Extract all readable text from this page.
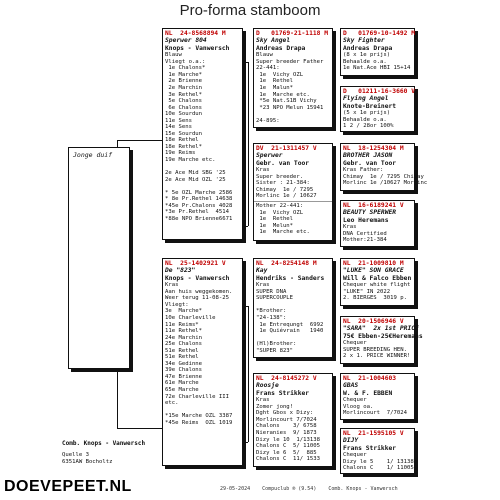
Pro-forma stamboom
Jonge duif
NL  24-8568894 M
Sperwer 804
Knops - Vanwersch
Blauw
Vliegt o.a.:
1e Chalons*
1e Marche*
2e Brienne
2e Marchin
3e Rethel*
5e Chalons
6e Chalons
10e Sourdun
11e Sens
14e Sens
15e Sourdun
18e Rethel
18e Rethel*
19e Reims
19e Marche etc.

2e Ace Mid SBG '25
2e Ace Mid OZL '25

* 5e OZL Marche 2586
* 8e Pr.Rethel 14638
*45e Pr.Chalons 4028
*3e Pr.Rethel  4514
*88e NPO Brienne6671
NL  25-1402921 V
De "823"
Knops - Vanwersch
Kras
Aan huis weggekomen.
Weer terug 11-08-25
Vliegt:
3e  Marche*
10e Charleville
11e Reims*
11e Rethel*
24e Marchin
25e Chalons
51e Rethel
51e Rethel
34e Gedinne
39e Chalons
47e Brienne
61e Marche
65e Marche
72e Charleville III
etc.

*15e Marche OZL 3387
*45e Reims  OZL 1019
D   01769-21-1118 M
Sky Angel
Andreas Drapa
Blauw
Super breeder Father
22-441:
1e  Vichy OZL
1e  Rethel
1e  Malun*
1e  Marche etc.
*5e Nat.S1B Vichy
*23 NPO Melun 15941

24-895:
DV  21-1311457 V
Sperwer
Gebr. van Toor
Kras
Super breeder.
Sister : 21-384:
Chimay  1e / 7295
Morlinc 1e / 10627
Mother 22-441:
1e  Vichy OZL
1e  Rethel
1e  Melun*
1e  Marche etc.
NL  24-8254148 M
Kay
Hendriks - Sanders
Kras
SUPER DNA
SUPERCOUPLE

*Brother:
"24-138":
1e Entrequngt  6992
1e Quiévrain   1940

(Hl)Brother:
"SUPER 823"
NL  24-8145272 V
Roosje
Frans Strikker
Kras
Zomer jong!
Dght Gbos x Dizy:
Morlincourt 7/7024
Chalons    3/ 6758
Nieranies  9/ 1873
Dizy le 10  1/13138
Chalons C  5/ 11005
Dizy le 6  5/  885
Chalons C  11/ 1533
D   01769-10-1492 M
Sky Fighter
Andreas Drapa
(8 x 1e prijs)
Behaalde o.a.
1e Nat.Ace HBI 15+14
D   01211-16-3660 V
Flying Angel
Knote-Breinert
(5 x 1e prijs)
Behaalde o.a.
1 2 / 28or 100%
NL  18-1254304 M
BROTHER JASON
Gebr. van Toor
Kras Father:
Chimay  1e / 7295 Chimay
Morlinc 1e /10627 Morlinc
NL  16-6189241 V
BEAUTY SPERWER
Leo Heremans
Kras
DNA Certified
Mother:21-384
NL  21-1009810 M
"LUKE" SON GRACE
Will & Falco Ebben
Chequer white flight
"LUKE" IN 2022
2. BIERGES  3019 p.
NL  20-1506946 V
"SARA"  2x 1st PRICE
75€ Ebben-25€Heremans
Chequer
SUPER BREEDING HEN.
2 x 1. PRICE WINNER!
NL  21-1004603
GBAS
W. & F. EBBEN
Chequer
Vloog oa.
Morlincourt  7/7024
NL  21-1595105 V
DIJY
Frans Strikker
Chequer
Dizy le 5    1/ 13138
Chalons C    1/ 11005
Comb. Knops - Vanwersch
Quelle 3
6351AW Bocholtz
DOEVEPEET.NL	29-05-2024    Compuclub ® (9.54)    Comb. Knops - Vanwersch
